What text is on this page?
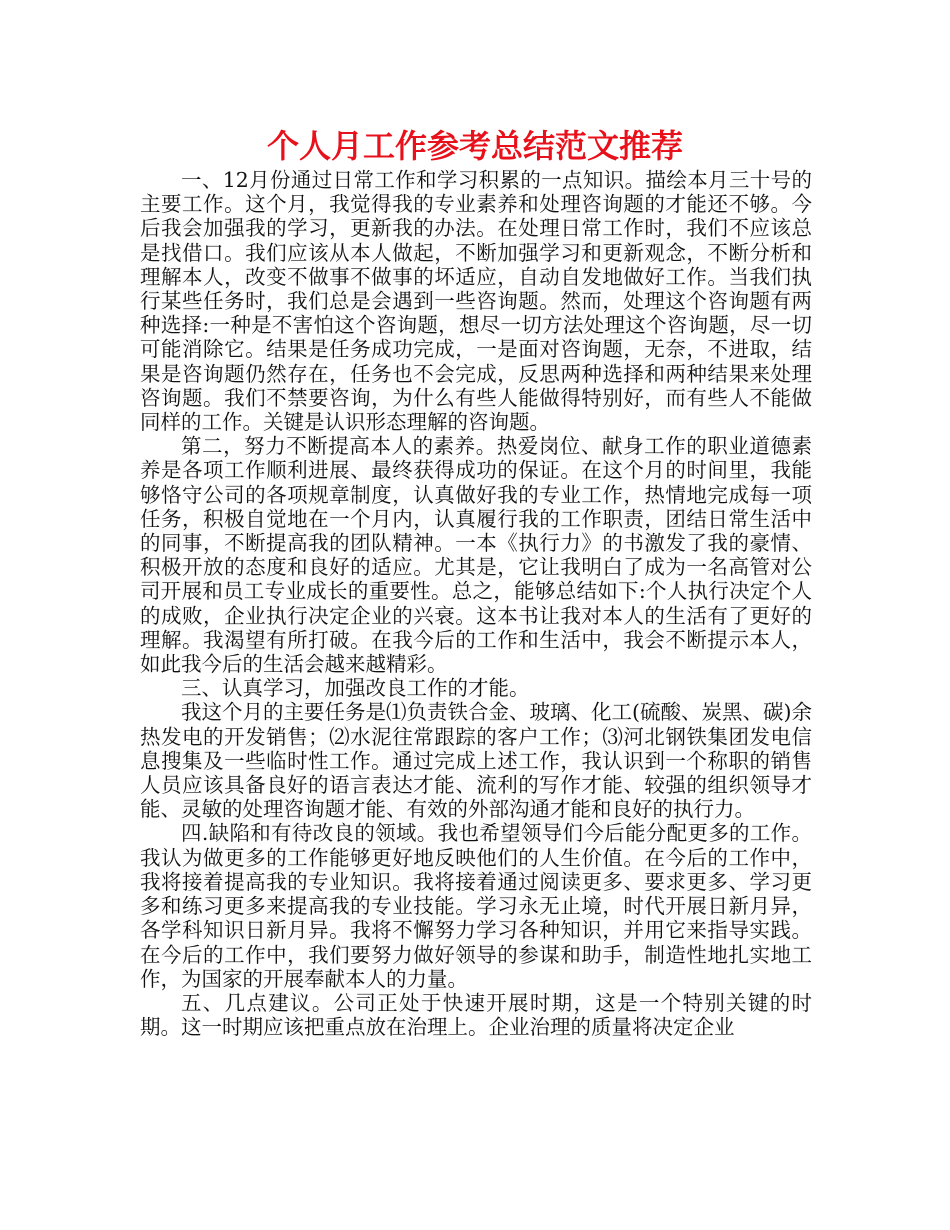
个人月工作参考总结范文推荐

一、12月份通过日常工作和学习积累的一点知识。描绘本月三十号的主要工作。这个月，我觉得我的专业素养和处理咨询题的才能还不够。今后我会加强我的学习，更新我的办法。在处理日常工作时，我们不应该总是找借口。我们应该从本人做起，不断加强学习和更新观念，不断分析和理解本人，改变不做事不做事的坏适应，自动自发地做好工作。当我们执行某些任务时，我们总是会遇到一些咨询题。然而，处理这个咨询题有两种选择:一种是不害怕这个咨询题，想尽一切方法处理这个咨询题，尽一切可能消除它。结果是任务成功完成，一是面对咨询题，无奈，不进取，结果是咨询题仍然存在，任务也不会完成，反思两种选择和两种结果来处理咨询题。我们不禁要咨询，为什么有些人能做得特别好，而有些人不能做同样的工作。关键是认识形态理解的咨询题。

第二，努力不断提高本人的素养。热爱岗位、献身工作的职业道德素养是各项工作顺利进展、最终获得成功的保证。在这个月的时间里，我能够恪守公司的各项规章制度，认真做好我的专业工作，热情地完成每一项任务，积极自觉地在一个月内，认真履行我的工作职责，团结日常生活中的同事，不断提高我的团队精神。一本《执行力》的书激发了我的豪情、积极开放的态度和良好的适应。尤其是，它让我明白了成为一名高管对公司开展和员工专业成长的重要性。总之，能够总结如下:个人执行决定个人的成败，企业执行决定企业的兴衰。这本书让我对本人的生活有了更好的理解。我渴望有所打破。在我今后的工作和生活中，我会不断提示本人，如此我今后的生活会越来越精彩。

三、认真学习，加强改良工作的才能。

我这个月的主要任务是⑴负责铁合金、玻璃、化工(硫酸、炭黑、碳)余热发电的开发销售；⑵水泥往常跟踪的客户工作；⑶河北钢铁集团发电信息搜集及一些临时性工作。通过完成上述工作，我认识到一个称职的销售人员应该具备良好的语言表达才能、流利的写作才能、较强的组织领导才能、灵敏的处理咨询题才能、有效的外部沟通才能和良好的执行力。

四.缺陷和有待改良的领域。我也希望领导们今后能分配更多的工作。我认为做更多的工作能够更好地反映他们的人生价值。在今后的工作中，我将接着提高我的专业知识。我将接着通过阅读更多、要求更多、学习更多和练习更多来提高我的专业技能。学习永无止境，时代开展日新月异，各学科知识日新月异。我将不懈努力学习各种知识，并用它来指导实践。在今后的工作中，我们要努力做好领导的参谋和助手，制造性地扎实地工作，为国家的开展奉献本人的力量。

五、几点建议。公司正处于快速开展时期，这是一个特别关键的时期。这一时期应该把重点放在治理上。企业治理的质量将决定企业
